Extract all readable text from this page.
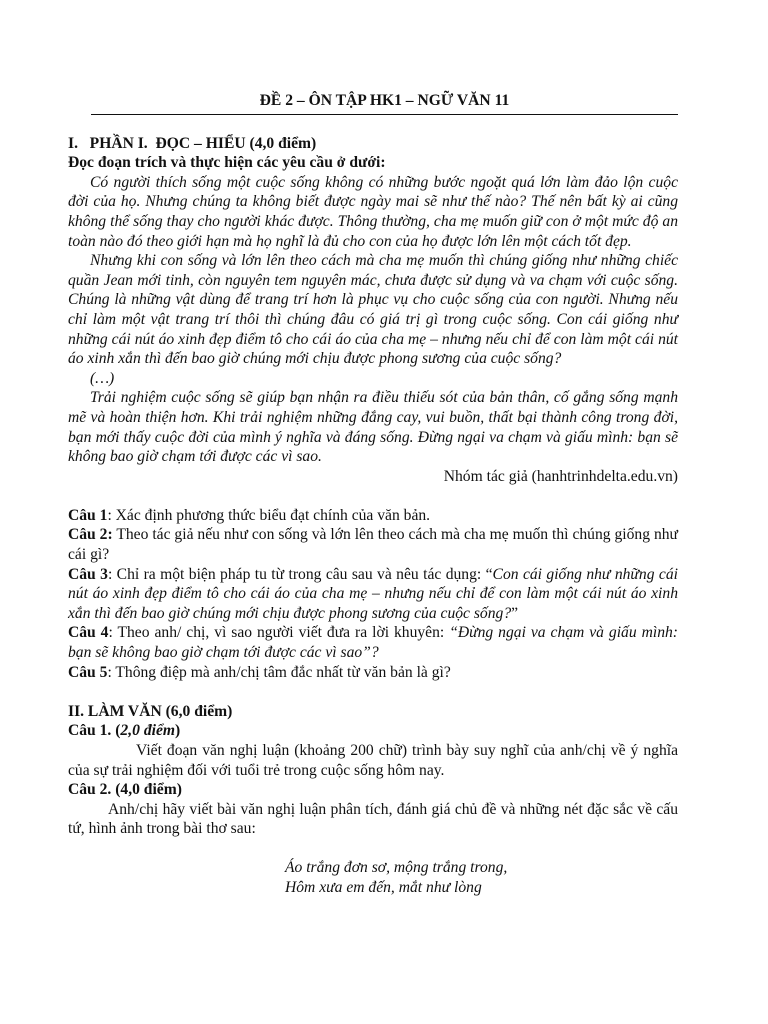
ĐỀ 2 – ÔN TẬP HK1 – NGỮ VĂN 11

I.   PHẦN I.  ĐỌC – HIỂU (4,0 điểm)

Đọc đoạn trích và thực hiện các yêu cầu ở dưới:

Có người thích sống một cuộc sống không có những bước ngoặt quá lớn làm đảo lộn cuộc đời của họ. Nhưng chúng ta không biết được ngày mai sẽ như thế nào? Thế nên bất kỳ ai cũng không thể sống thay cho người khác được. Thông thường, cha mẹ muốn giữ con ở một mức độ an toàn nào đó theo giới hạn mà họ nghĩ là đủ cho con của họ được lớn lên một cách tốt đẹp.

Nhưng khi con sống và lớn lên theo cách mà cha mẹ muốn thì chúng giống như những chiếc quần Jean mới tinh, còn nguyên tem nguyên mác, chưa được sử dụng và va chạm với cuộc sống. Chúng là những vật dùng để trang trí hơn là phục vụ cho cuộc sống của con người. Nhưng nếu chỉ làm một vật trang trí thôi thì chúng đâu có giá trị gì trong cuộc sống. Con cái giống như những cái nút áo xinh đẹp điểm tô cho cái áo của cha mẹ – nhưng nếu chỉ để con làm một cái nút áo xinh xắn thì đến bao giờ chúng mới chịu được phong sương của cuộc sống?

(…)

Trải nghiệm cuộc sống sẽ giúp bạn nhận ra điều thiếu sót của bản thân, cố gắng sống mạnh mẽ và hoàn thiện hơn. Khi trải nghiệm những đắng cay, vui buồn, thất bại thành công trong đời, bạn mới thấy cuộc đời của mình ý nghĩa và đáng sống. Đừng ngại va chạm và giấu mình: bạn sẽ không bao giờ chạm tới được các vì sao.

Nhóm tác giả (hanhtrinhdelta.edu.vn)

Câu 1: Xác định phương thức biểu đạt chính của văn bản.

Câu 2: Theo tác giả nếu như con sống và lớn lên theo cách mà cha mẹ muốn thì chúng giống như cái gì?

Câu 3: Chỉ ra một biện pháp tu từ trong câu sau và nêu tác dụng: “Con cái giống như những cái nút áo xinh đẹp điểm tô cho cái áo của cha mẹ – nhưng nếu chỉ để con làm một cái nút áo xinh xắn thì đến bao giờ chúng mới chịu được phong sương của cuộc sống?”

Câu 4: Theo anh/ chị, vì sao người viết đưa ra lời khuyên: “Đừng ngại va chạm và giấu mình: bạn sẽ không bao giờ chạm tới được các vì sao”?

Câu 5: Thông điệp mà anh/chị tâm đắc nhất từ văn bản là gì?

II. LÀM VĂN (6,0 điểm)

Câu 1. (2,0 điểm)

Viết đoạn văn nghị luận (khoảng 200 chữ) trình bày suy nghĩ của anh/chị về ý nghĩa của sự trải nghiệm đối với tuổi trẻ trong cuộc sống hôm nay.

Câu 2. (4,0 điểm)

Anh/chị hãy viết bài văn nghị luận phân tích, đánh giá chủ đề và những nét đặc sắc về cấu tứ, hình ảnh trong bài thơ sau:

Áo trắng đơn sơ, mộng trắng trong,

Hôm xưa em đến, mắt như lòng
